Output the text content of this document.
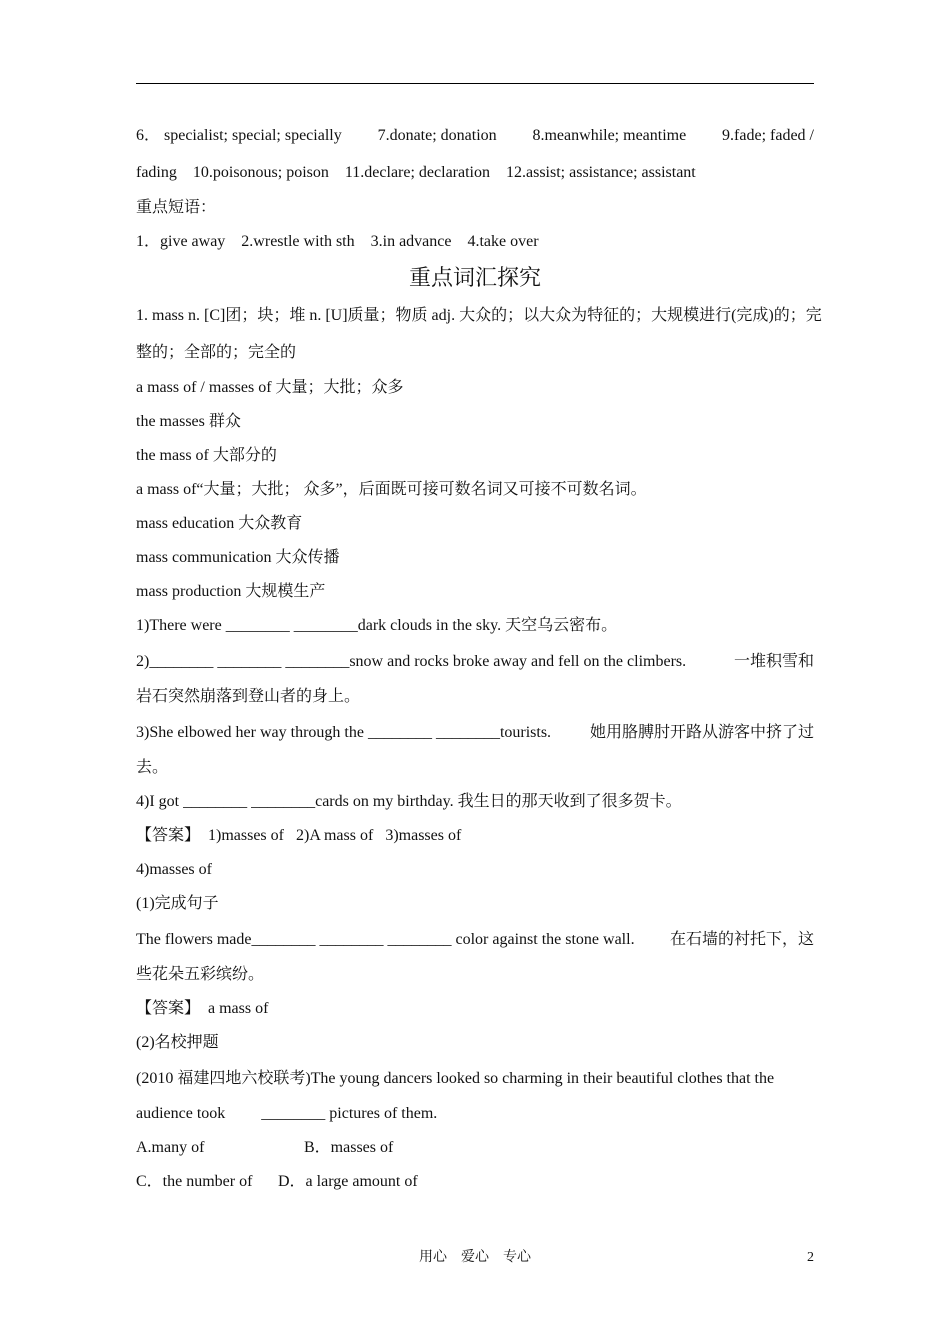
6． specialist; special; specially 7.donate; donation 8.meanwhile; meantime 9.fade; faded /
fading    10.poisonous; poison    11.declare; declaration    12.assist; assistance; assistant
重点短语：
1．give away    2.wrestle with sth    3.in advance    4.take over
重点词汇探究
1. mass n. [C]团；块；堆 n. [U]质量；物质 adj. 大众的；以大众为特征的；大规模进行(完成)的；完
整的；全部的；完全的
a mass of / masses of 大量；大批；众多
the masses 群众
the mass of 大部分的
a mass of“大量；大批； 众多”，后面既可接可数名词又可接不可数名词。
mass education 大众教育
mass communication 大众传播
mass production 大规模生产
1)There were ________ ________dark clouds in the sky. 天空乌云密布。
2)________ ________ ________snow and rocks broke away and fell on the climbers.	一堆积雪和
岩石突然崩落到登山者的身上。
3)She elbowed her way through the ________ ________tourists. 她用胳膊肘开路从游客中挤了过
去。
4)I got ________ ________cards on my birthday. 我生日的那天收到了很多贺卡。
【答案】  1)masses of   2)A mass of   3)masses of
4)masses of
(1)完成句子
The flowers made________ ________ ________ color against the stone wall. 在石墙的衬托下，这
些花朵五彩缤纷。
【答案】  a mass of
(2)名校押题
(2010 福建四地六校联考)The young dancers looked so charming in their beautiful clothes that the
audience took         ________ pictures of them.
A.many of	B．masses of
C．the number of D．a large amount of
用心    爱心    专心	2
